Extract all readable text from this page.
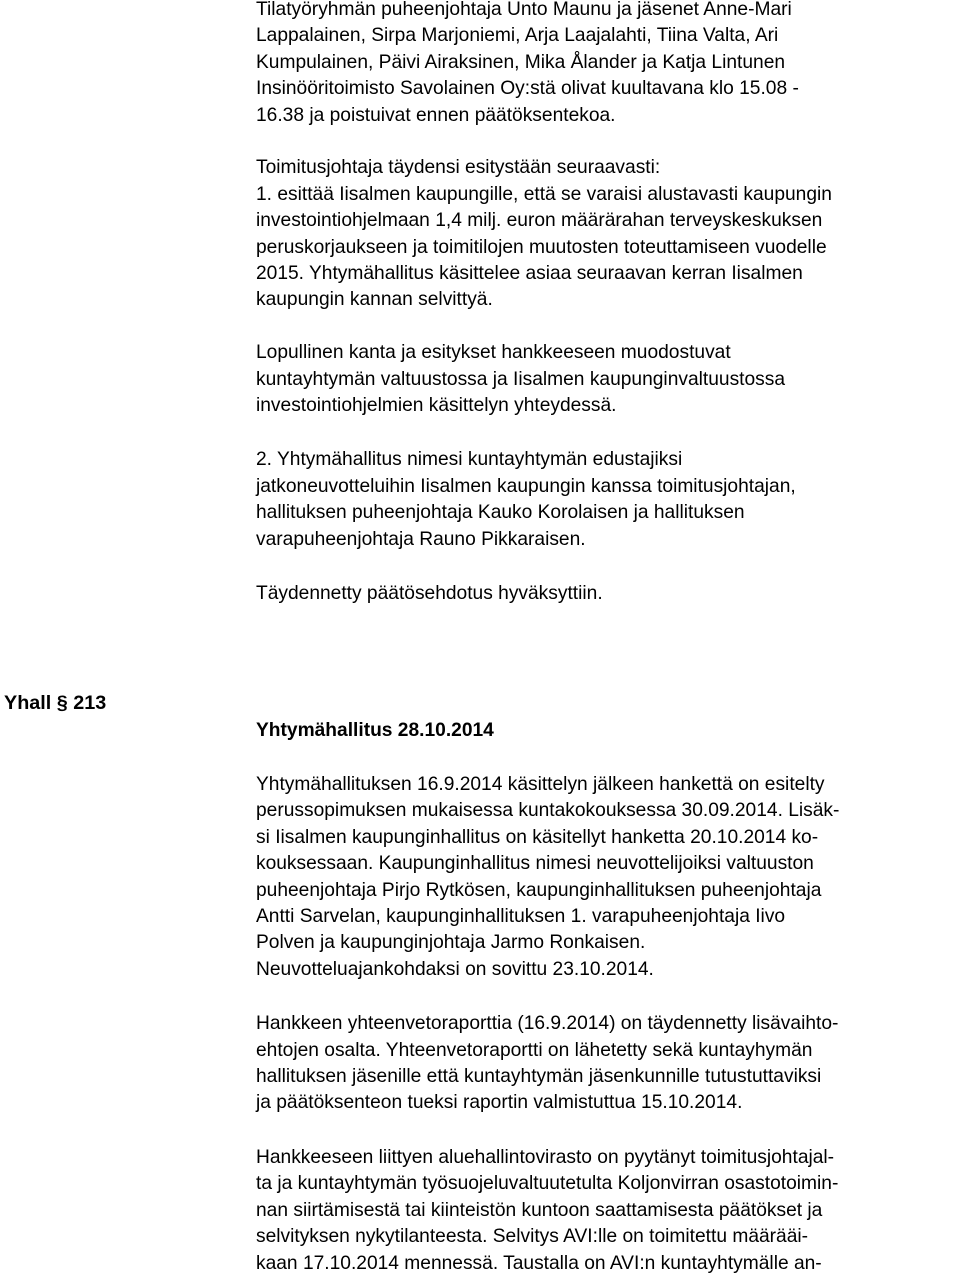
Tilatyöryhmän puheenjohtaja Unto Maunu ja jäsenet Anne-Mari
Lappalainen, Sirpa Marjoniemi, Arja Laajalahti, Tiina Valta, Ari
Kumpulainen, Päivi Airaksinen, Mika Ålander ja Katja Lintunen
Insinööritoimisto Savolainen Oy:stä olivat kuultavana klo 15.08 -
16.38 ja poistuivat ennen päätöksentekoa.
Toimitusjohtaja täydensi esitystään seuraavasti:
1. esittää Iisalmen kaupungille, että se varaisi alustavasti kaupungin
investointiohjelmaan 1,4 milj. euron määrärahan terveyskeskuksen
peruskorjaukseen ja toimitilojen muutosten toteuttamiseen vuodelle
2015. Yhtymähallitus käsittelee asiaa seuraavan kerran Iisalmen
kaupungin kannan selvittyä.
Lopullinen kanta ja esitykset hankkeeseen muodostuvat
kuntayhtymän valtuustossa ja Iisalmen kaupunginvaltuustossa
investointiohjelmien käsittelyn yhteydessä.
2. Yhtymähallitus nimesi kuntayhtymän edustajiksi
jatkoneuvotteluihin Iisalmen kaupungin kanssa toimitusjohtajan,
hallituksen puheenjohtaja Kauko Korolaisen ja hallituksen
varapuheenjohtaja Rauno Pikkaraisen.
Täydennetty päätösehdotus hyväksyttiin.
Yhall § 213
Yhtymähallitus 28.10.2014
Yhtymähallituksen 16.9.2014 käsittelyn jälkeen hankettä on esitelty
perussopimuksen mukaisessa kuntakokouksessa 30.09.2014. Lisäk-
si Iisalmen kaupunginhallitus on käsitellyt hanketta 20.10.2014 ko-
kouksessaan. Kaupunginhallitus nimesi neuvottelijoiksi valtuuston
puheenjohtaja Pirjo Rytkösen, kaupunginhallituksen puheenjohtaja
Antti Sarvelan, kaupunginhallituksen 1. varapuheenjohtaja Iivo
Polven ja kaupunginjohtaja Jarmo Ronkaisen.
Neuvotteluajankohdaksi on sovittu 23.10.2014.
Hankkeen yhteenvetoraporttia (16.9.2014) on täydennetty lisävaihto-
ehtojen osalta. Yhteenvetoraportti on lähetetty sekä kuntayhymän
hallituksen jäsenille että kuntayhtymän jäsenkunnille tutustuttaviksi
ja päätöksenteon tueksi raportin valmistuttua 15.10.2014.
Hankkeeseen liittyen aluehallintovirasto on pyytänyt toimitusjohtajal-
ta ja kuntayhtymän työsuojeluvaltuutetulta Koljonvirran osastotoimin-
nan siirtämisestä tai kiinteistön kuntoon saattamisesta päätökset ja
selvityksen nykytilanteesta. Selvitys AVI:lle on toimitettu määrääi-
kaan 17.10.2014 mennessä. Taustalla on AVI:n kuntayhtymälle an-
